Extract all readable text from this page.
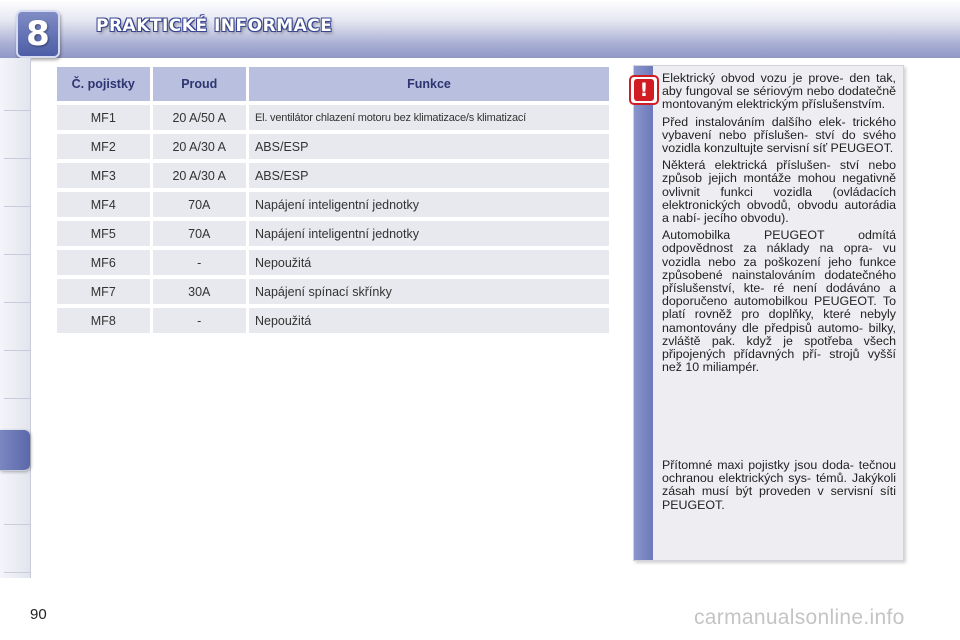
8	PRAKTICKÉ INFORMACE
Č. pojistky	Proud	Funkce
MF1	20 A/50 A	El. ventilátor chlazení motoru bez klimatizace/s klimatizací
MF2	20 A/30 A	ABS/ESP
MF3	20 A/30 A	ABS/ESP
MF4	70A	Napájení inteligentní jednotky
MF5	70A	Napájení inteligentní jednotky
MF6	-	Nepoužitá
MF7	30A	Napájení spínací skřínky
MF8	-	Nepoužitá
!

Elektrický obvod vozu je prove- den tak, aby fungoval se sériovým nebo dodatečně montovaným elektrickým příslušenstvím.

Před instalováním dalšího elek- trického vybavení nebo příslušen- ství do svého vozidla konzultujte servisní síť PEUGEOT.

Některá elektrická příslušen- ství nebo způsob jejich montáže mohou negativně ovlivnit funkci vozidla (ovládacích elektronických obvodů, obvodu autorádia a nabí- jecího obvodu).

Automobilka PEUGEOT odmítá odpovědnost za náklady na opra- vu vozidla nebo za poškození jeho funkce způsobené nainstalováním dodatečného příslušenství, kte- ré není dodáváno a doporučeno automobilkou PEUGEOT. To platí rovněž pro doplňky, které nebyly namontovány dle předpisů automo- bilky, zvláště pak. když je spotřeba všech připojených přídavných pří- strojů vyšší než 10 miliampér.

Přítomné maxi pojistky jsou doda- tečnou ochranou elektrických sys- témů. Jakýkoli zásah musí být proveden v servisní síti PEUGEOT.

90	carmanualsonline.info
